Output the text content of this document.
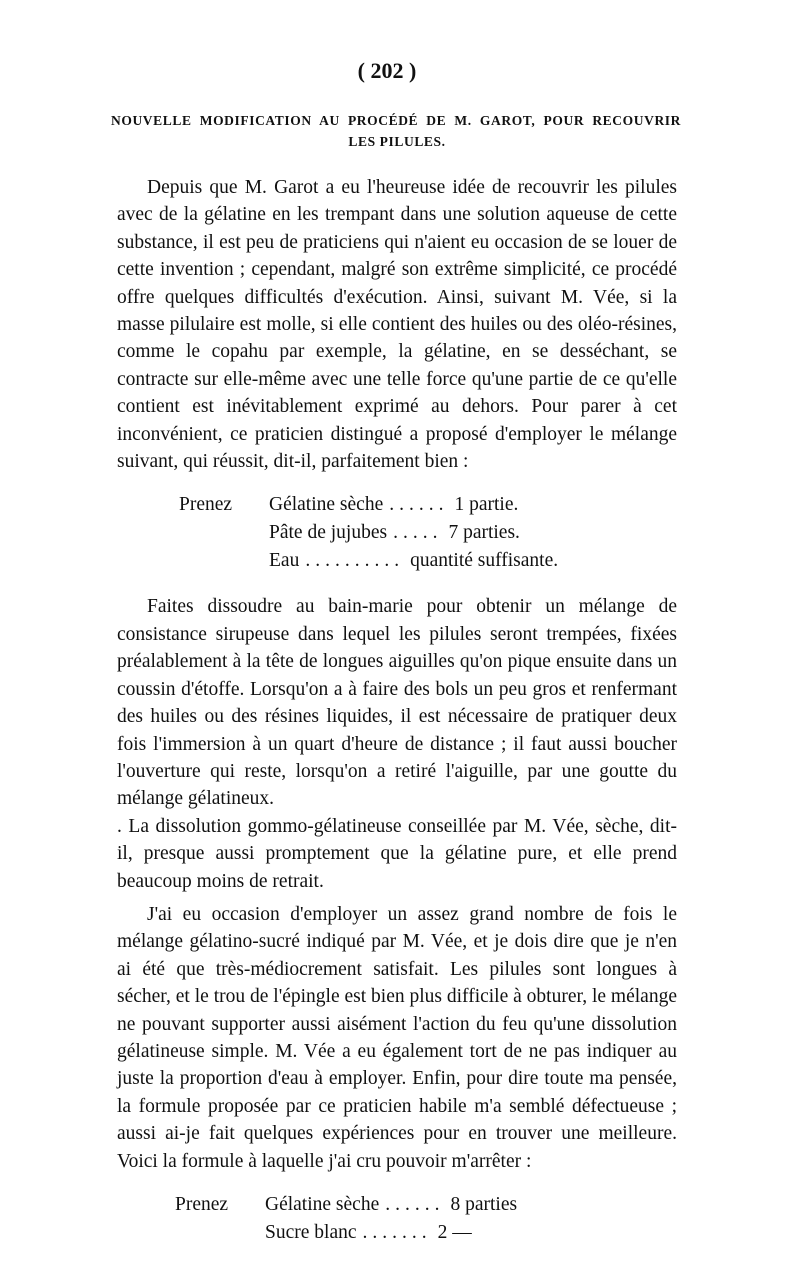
( 202 )
NOUVELLE MODIFICATION AU PROCÉDÉ DE M. GAROT, POUR RECOUVRIR
LES PILULES.

Depuis que M. Garot a eu l'heureuse idée de recouvrir les pilules avec de la gélatine en les trempant dans une solution aqueuse de cette substance, il est peu de praticiens qui n'aient eu occasion de se louer de cette invention ; cependant, malgré son extrême simplicité, ce procédé offre quelques difficultés d'exécution. Ainsi, suivant M. Vée, si la masse pilulaire est molle, si elle contient des huiles ou des oléo-résines, comme le copahu par exemple, la gélatine, en se desséchant, se contracte sur elle-même avec une telle force qu'une partie de ce qu'elle contient est inévitablement exprimé au dehors. Pour parer à cet inconvénient, ce praticien distingué a proposé d'employer le mélange suivant, qui réussit, dit-il, parfaitement bien :

Prenez	Gélatine sèche ...... 1 partie.
Pâte de jujubes ..... 7 parties.
Eau .......... quantité suffisante.

Faites dissoudre au bain-marie pour obtenir un mélange de consistance sirupeuse dans lequel les pilules seront trempées, fixées préalablement à la tête de longues aiguilles qu'on pique ensuite dans un coussin d'étoffe. Lorsqu'on a à faire des bols un peu gros et renfermant des huiles ou des résines liquides, il est nécessaire de pratiquer deux fois l'immersion à un quart d'heure de distance ; il faut aussi boucher l'ouverture qui reste, lorsqu'on a retiré l'aiguille, par une goutte du mélange gélatineux.

. La dissolution gommo-gélatineuse conseillée par M. Vée, sèche, dit-il, presque aussi promptement que la gélatine pure, et elle prend beaucoup moins de retrait.

J'ai eu occasion d'employer un assez grand nombre de fois le mélange gélatino-sucré indiqué par M. Vée, et je dois dire que je n'en ai été que très-médiocrement satisfait. Les pilules sont longues à sécher, et le trou de l'épingle est bien plus difficile à obturer, le mélange ne pouvant supporter aussi aisément l'action du feu qu'une dissolution gélatineuse simple. M. Vée a eu également tort de ne pas indiquer au juste la proportion d'eau à employer. Enfin, pour dire toute ma pensée, la formule proposée par ce praticien habile m'a semblé défectueuse ; aussi ai-je fait quelques expériences pour en trouver une meilleure. Voici la formule à laquelle j'ai cru pouvoir m'arrêter :

Prenez	Gélatine sèche ...... 8 parties
Sucre blanc ....... 2 —
